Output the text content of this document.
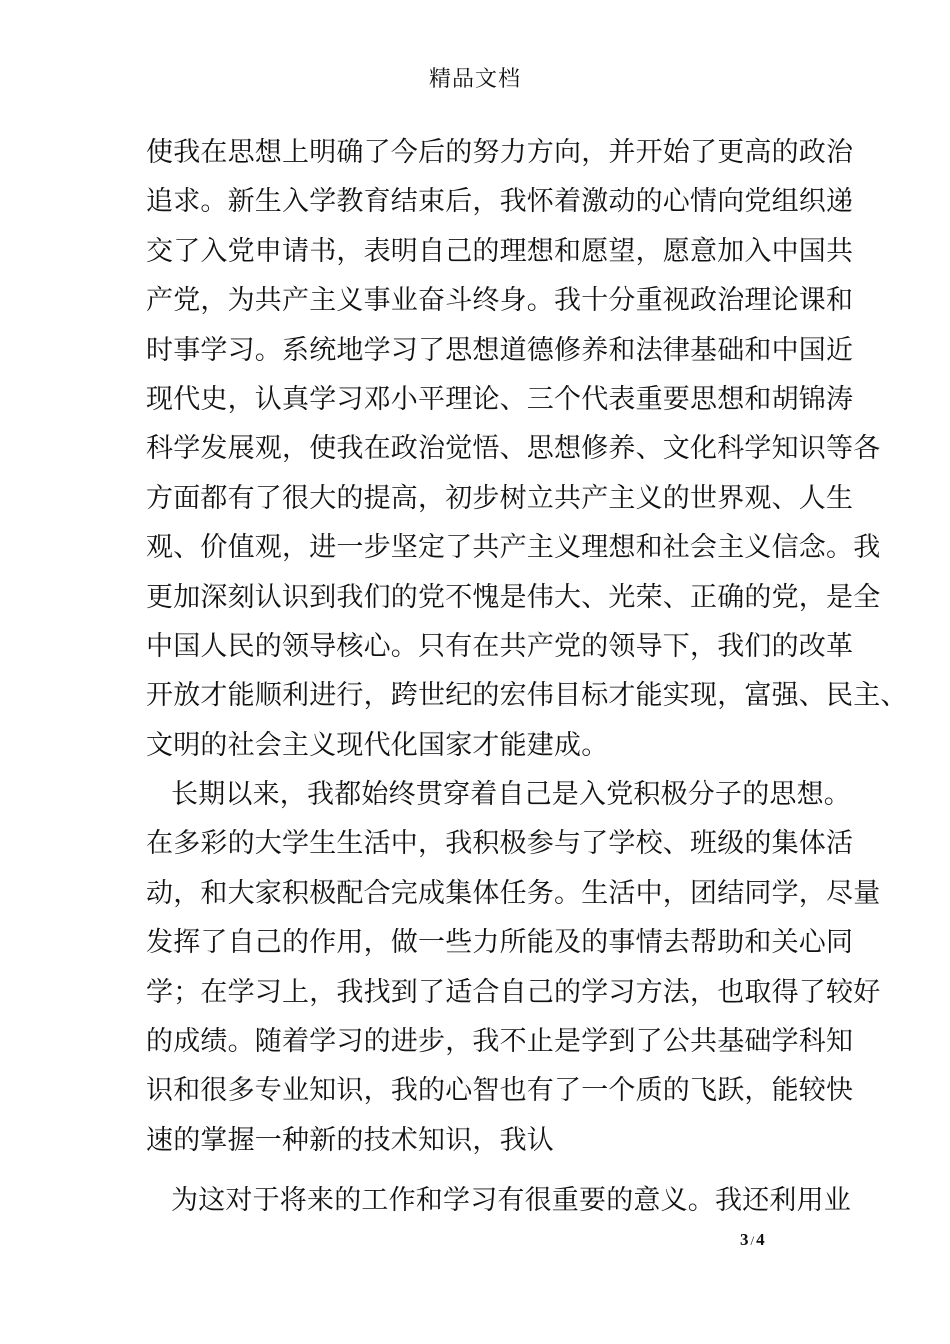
精品文档
使我在思想上明确了今后的努力方向，并开始了更高的政治
追求。新生入学教育结束后，我怀着激动的心情向党组织递
交了入党申请书，表明自己的理想和愿望，愿意加入中国共
产党，为共产主义事业奋斗终身。我十分重视政治理论课和
时事学习。系统地学习了思想道德修养和法律基础和中国近
现代史，认真学习邓小平理论、三个代表重要思想和胡锦涛
科学发展观，使我在政治觉悟、思想修养、文化科学知识等各
方面都有了很大的提高，初步树立共产主义的世界观、人生
观、价值观，进一步坚定了共产主义理想和社会主义信念。我
更加深刻认识到我们的党不愧是伟大、光荣、正确的党，是全
中国人民的领导核心。只有在共产党的领导下，我们的改革
开放才能顺利进行，跨世纪的宏伟目标才能实现，富强、民主、
文明的社会主义现代化国家才能建成。
长期以来，我都始终贯穿着自己是入党积极分子的思想。
在多彩的大学生生活中，我积极参与了学校、班级的集体活
动，和大家积极配合完成集体任务。生活中，团结同学，尽量
发挥了自己的作用，做一些力所能及的事情去帮助和关心同
学；在学习上，我找到了适合自己的学习方法，也取得了较好
的成绩。随着学习的进步，我不止是学到了公共基础学科知
识和很多专业知识，我的心智也有了一个质的飞跃，能较快
速的掌握一种新的技术知识，我认
为这对于将来的工作和学习有很重要的意义。我还利用业
3 / 4
